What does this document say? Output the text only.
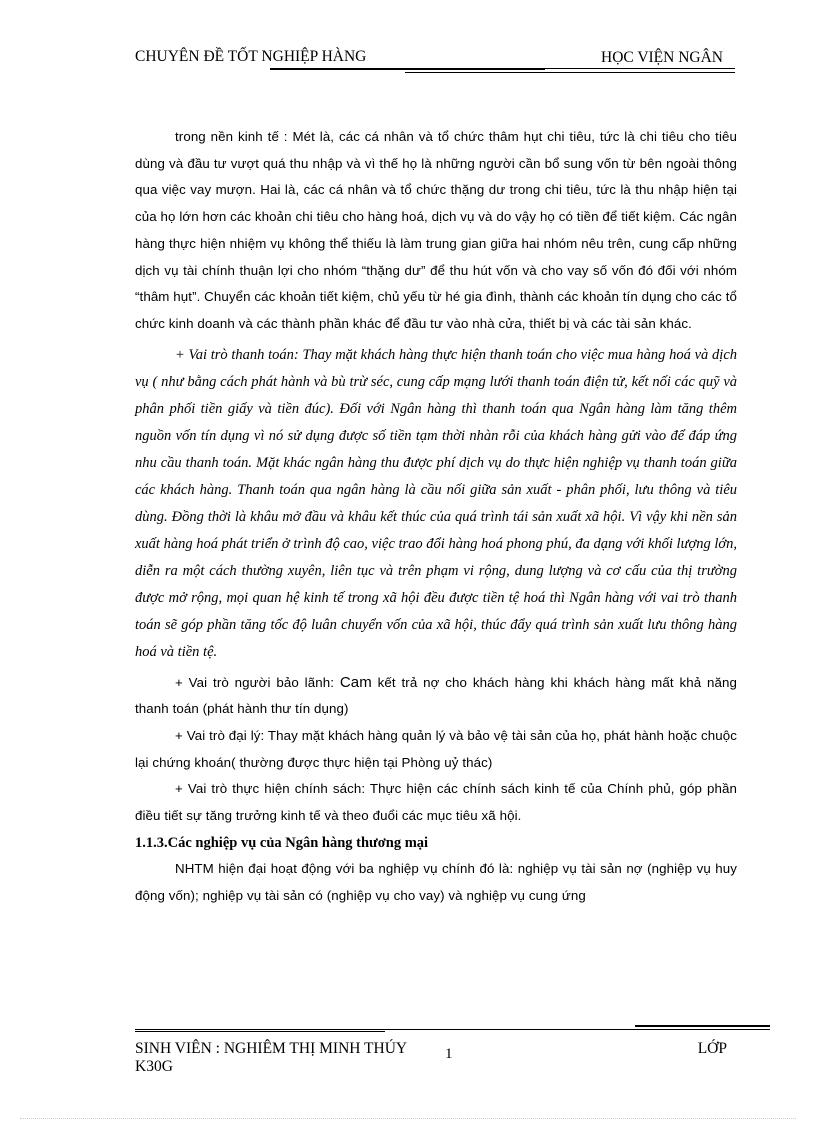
CHUYÊN ĐỀ TỐT NGHIỆP HÀNG	HỌC VIỆN NGÂN

trong nền kinh tế : Mét là, các cá nhân và tổ chức thâm hụt chi tiêu, tức là chi tiêu cho tiêu dùng và đầu tư vượt quá thu nhập và vì thế họ là những người cần bổ sung vốn từ bên ngoài thông qua việc vay mượn. Hai là, các cá nhân và tổ chức thặng dư trong chi tiêu, tức là thu nhập hiện tại của họ lớn hơn các khoản chi tiêu cho hàng hoá, dịch vụ và do vậy họ có tiền để tiết kiệm. Các ngân hàng thực hiện nhiệm vụ không thể thiếu là làm trung gian giữa hai nhóm nêu trên, cung cấp những dịch vụ tài chính thuận lợi cho nhóm “thặng dư” để thu hút vốn và cho vay số vốn đó đối với nhóm “thâm hụt”. Chuyển các khoản tiết kiệm, chủ yếu từ hé gia đình, thành các khoản tín dụng cho các tổ chức kinh doanh và các thành phần khác để đầu tư vào nhà cửa, thiết bị và các tài sản khác.

+ Vai trò thanh toán: Thay mặt khách hàng thực hiện thanh toán cho việc mua hàng hoá và dịch vụ ( như bằng cách phát hành và bù trừ séc, cung cấp mạng lưới thanh toán điện tử, kết nối các quỹ và phân phối tiền giấy và tiền đúc). Đối với Ngân hàng thì thanh toán qua Ngân hàng làm tăng thêm nguồn vốn tín dụng vì nó sử dụng được số tiền tạm thời nhàn rỗi của khách hàng gửi vào để đáp ứng nhu cầu thanh toán. Mặt khác ngân hàng thu được phí dịch vụ do thực hiện nghiệp vụ thanh toán giữa các khách hàng. Thanh toán qua ngân hàng là cầu nối giữa sản xuất - phân phối, lưu thông và tiêu dùng. Đồng thời là khâu mở đầu và khâu kết thúc của quá trình tái sản xuất xã hội. Vì vậy khi nền sản xuất hàng hoá phát triển ở trình độ cao, việc trao đổi hàng hoá phong phú, đa dạng với khối lượng lớn, diễn ra một cách thường xuyên, liên tục và trên phạm vi rộng, dung lượng và cơ cấu của thị trường được mở rộng, mọi quan hệ kinh tế trong xã hội đều được tiền tệ hoá thì Ngân hàng với vai trò thanh toán sẽ góp phần tăng tốc độ luân chuyển vốn của xã hội, thúc đẩy quá trình sản xuất lưu thông hàng hoá và tiền tệ.

+ Vai trò người bảo lãnh: Cam kết trả nợ cho khách hàng khi khách hàng mất khả năng thanh toán (phát hành thư tín dụng)

+ Vai trò đại lý: Thay mặt khách hàng quản lý và bảo vệ tài sản của họ, phát hành hoặc chuộc lại chứng khoán( thường được thực hiện tại Phòng uỷ thác)

+ Vai trò thực hiện chính sách: Thực hiện các chính sách kinh tế của Chính phủ, góp phần điều tiết sự tăng trưởng kinh tế và theo đuổi các mục tiêu xã hội.

1.1.3.Các nghiệp vụ của Ngân hàng thương mại

NHTM hiện đại hoạt động với ba nghiệp vụ chính đó là: nghiệp vụ tài sản nợ (nghiệp vụ huy động vốn); nghiệp vụ tài sản có (nghiệp vụ cho vay) và nghiệp vụ cung ứng

SINH VIÊN : NGHIÊM THỊ MINH THÚY K30G
1	LỚP
